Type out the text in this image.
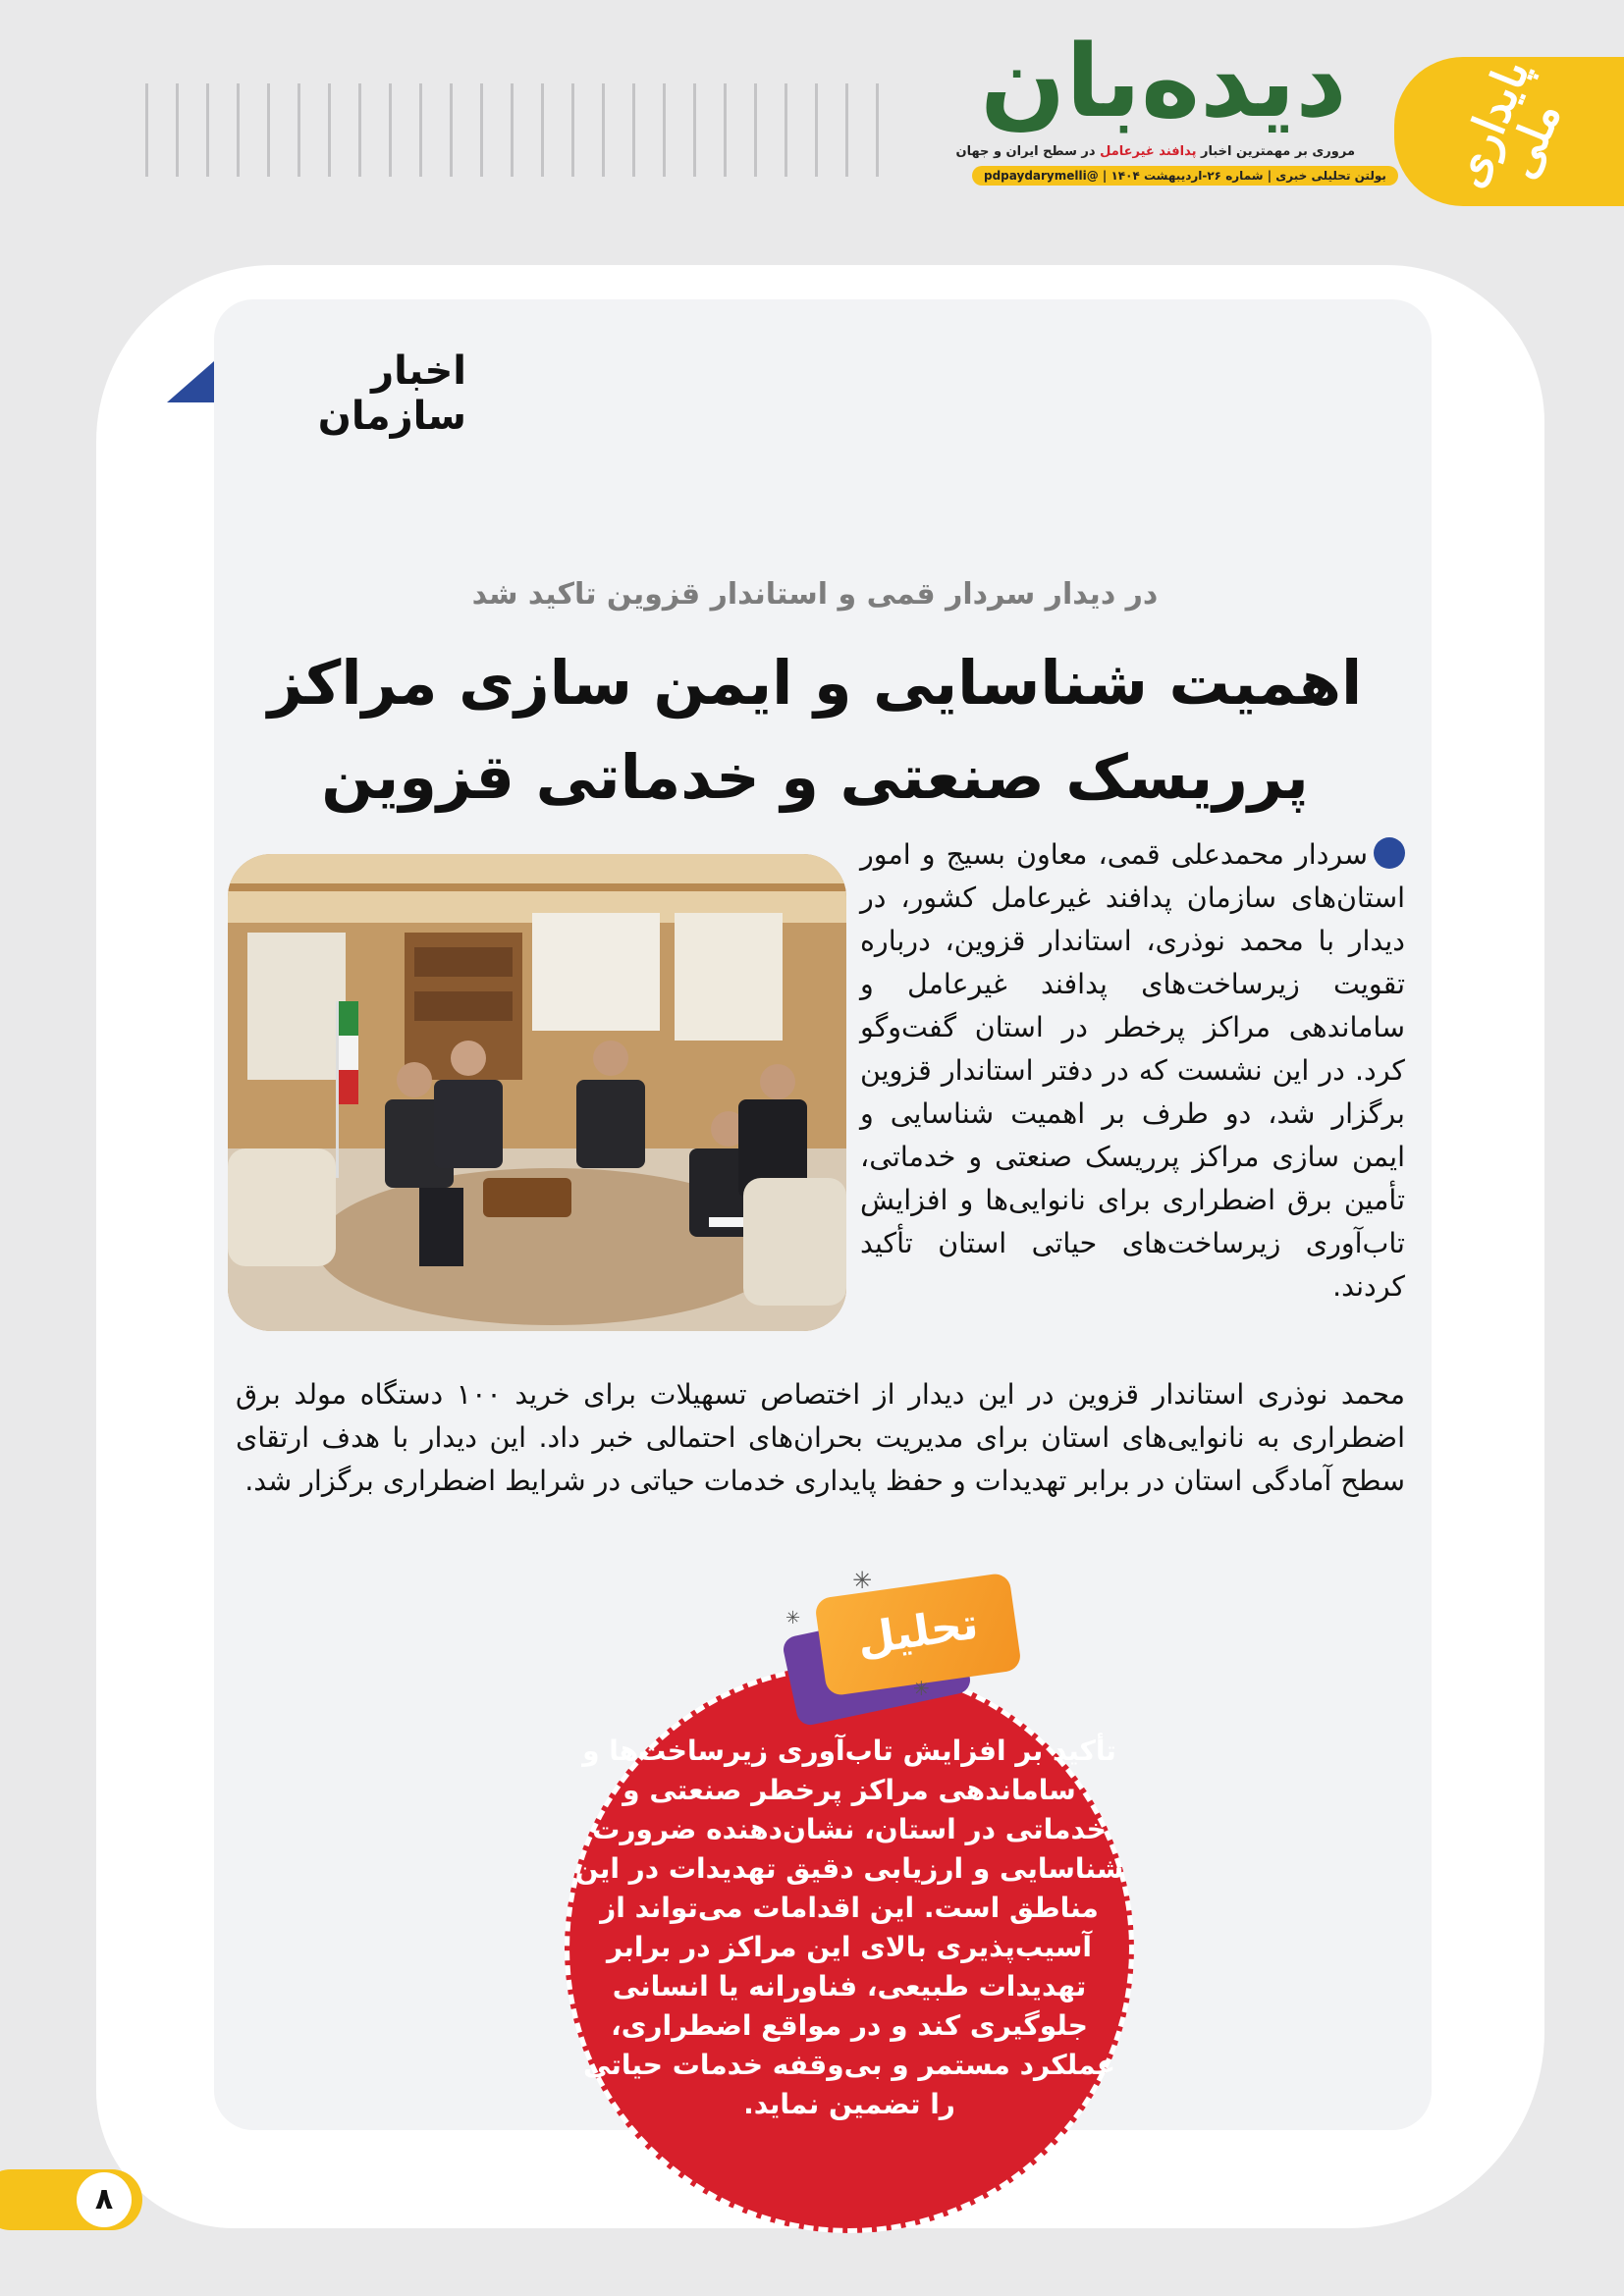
پایداری ملی
دیده‌بان
مروری بر مهمترین اخبار پدافند غیرعامل در سطح ایران و جهان
بولتن تحلیلی خبری | شماره ۲۶-اردیبهشت ۱۴۰۴ | @pdpaydarymelli
اخبار سازمان
در دیدار سردار قمی و استاندار قزوین تاکید شد
اهمیت شناسایی و ایمن سازی مراکز پرریسک صنعتی و خدماتی قزوین

سردار محمدعلی قمی، معاون بسیج و امور استان‌های سازمان پدافند غیرعامل کشور، در دیدار با محمد نوذری، استاندار قزوین، درباره تقویت زیرساخت‌های پدافند غیرعامل و ساماندهی مراکز پرخطر در استان گفت‌وگو کرد. در این نشست که در دفتر استاندار قزوین برگزار شد، دو طرف بر اهمیت شناسایی و ایمن سازی مراکز پرریسک صنعتی و خدماتی، تأمین برق اضطراری برای نانوایی‌ها و افزایش تاب‌آوری زیرساخت‌های حیاتی استان تأکید کردند.

محمد نوذری استاندار قزوین در این دیدار از اختصاص تسهیلات برای خرید ۱۰۰ دستگاه مولد برق اضطراری به نانوایی‌های استان برای مدیریت بحران‌های احتمالی خبر داد. این دیدار با هدف ارتقای سطح آمادگی استان در برابر تهدیدات و حفظ پایداری خدمات حیاتی در شرایط اضطراری برگزار شد.

تحلیل
✳
✳
✳
تأکید بر افزایش تاب‌آوری زیرساخت‌ها و ساماندهی مراکز پرخطر صنعتی و خدماتی در استان، نشان‌دهنده ضرورت شناسایی و ارزیابی دقیق تهدیدات در این مناطق است. این اقدامات می‌تواند از آسیب‌پذیری بالای این مراکز در برابر تهدیدات طبیعی، فناورانه یا انسانی جلوگیری کند و در مواقع اضطراری، عملکرد مستمر و بی‌وقفه خدمات حیاتی را تضمین نماید.
۸
